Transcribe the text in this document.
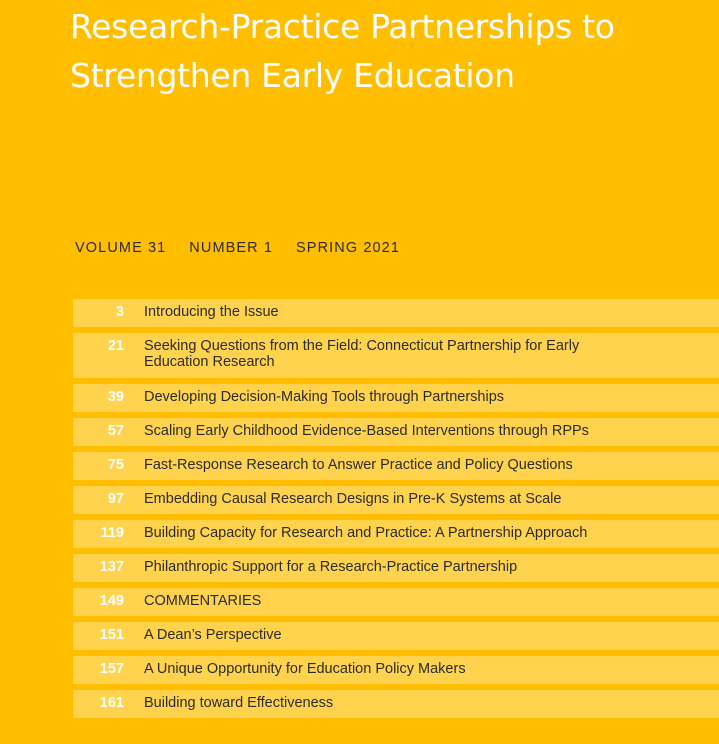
Research-Practice Partnerships to
Strengthen Early Education
VOLUME 31 NUMBER 1 SPRING 2021
3 Introducing the Issue
21 Seeking Questions from the Field: Connecticut Partnership for Early Education Research
39 Developing Decision-Making Tools through Partnerships
57 Scaling Early Childhood Evidence-Based Interventions through RPPs
75 Fast-Response Research to Answer Practice and Policy Questions
97 Embedding Causal Research Designs in Pre-K Systems at Scale
119 Building Capacity for Research and Practice: A Partnership Approach
137 Philanthropic Support for a Research-Practice Partnership
149 COMMENTARIES
151 A Dean’s Perspective
157 A Unique Opportunity for Education Policy Makers
161 Building toward Effectiveness
